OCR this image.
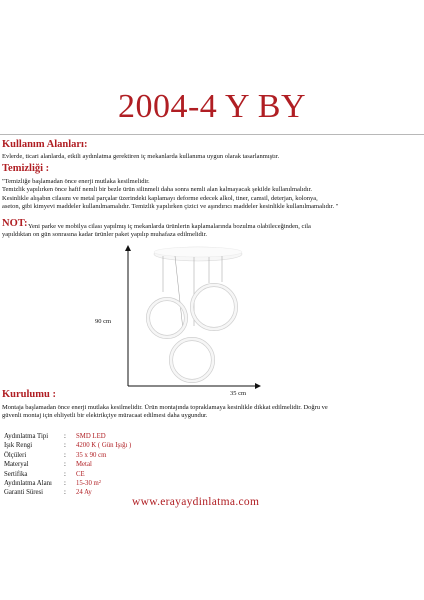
2004-4 Y BY
Kullanım Alanları:
Evlerde, ticari alanlarda, etkili aydınlatma gerektiren iç mekanlarda kullanıma uygun olarak tasarlanmıştır.
Temizliği :
"Temizliğe başlamadan önce enerji mutlaka kesilmelidir.
Temizlik yapılırken önce hafif nemli bir bezle ürün silinmeli daha sonra nemli alan kalmayacak şekilde kullanılmalıdır.
Kesinlikle alışabın cilasını ve metal parçalar üzerindeki kaplamayı deforme edecek alkol, tiner, camsil, deterjan, kolonya,
aseton, gibi kimyevi maddeler kullanılmamalıdır. Temizlik yapılırken çizici ve aşındırıcı maddeler kesinlikle kullanılmamalıdır. "
NOT: Yeni parke ve mobilya cilası yapılmış iç mekanlarda ürünlerin kaplamalarında bozulma olabileceğinden, cila
yapıldıktan on gün sonrasına kadar ürünler paket yapılıp muhafaza edilmelidir.
90 cm
35 cm
Kurulumu :
Montaja başlamadan önce enerji mutlaka kesilmelidir. Ürün montajında topraklamaya kesinlikle dikkat edilmelidir. Doğru ve
güvenli montaj için ehliyetli bir elektrikçiye müracaat edilmesi daha uygundur.
Aydınlatma Tipi	:	SMD LED
Işık Rengi	:	4200 K ( Gün Işığı )
Ölçüleri	:	35 x 90 cm
Materyal	:	Metal
Sertifika	:	CE
Aydınlatma Alanı	:	15-30 m²
Garanti Süresi	:	24 Ay
www.erayaydinlatma.com
